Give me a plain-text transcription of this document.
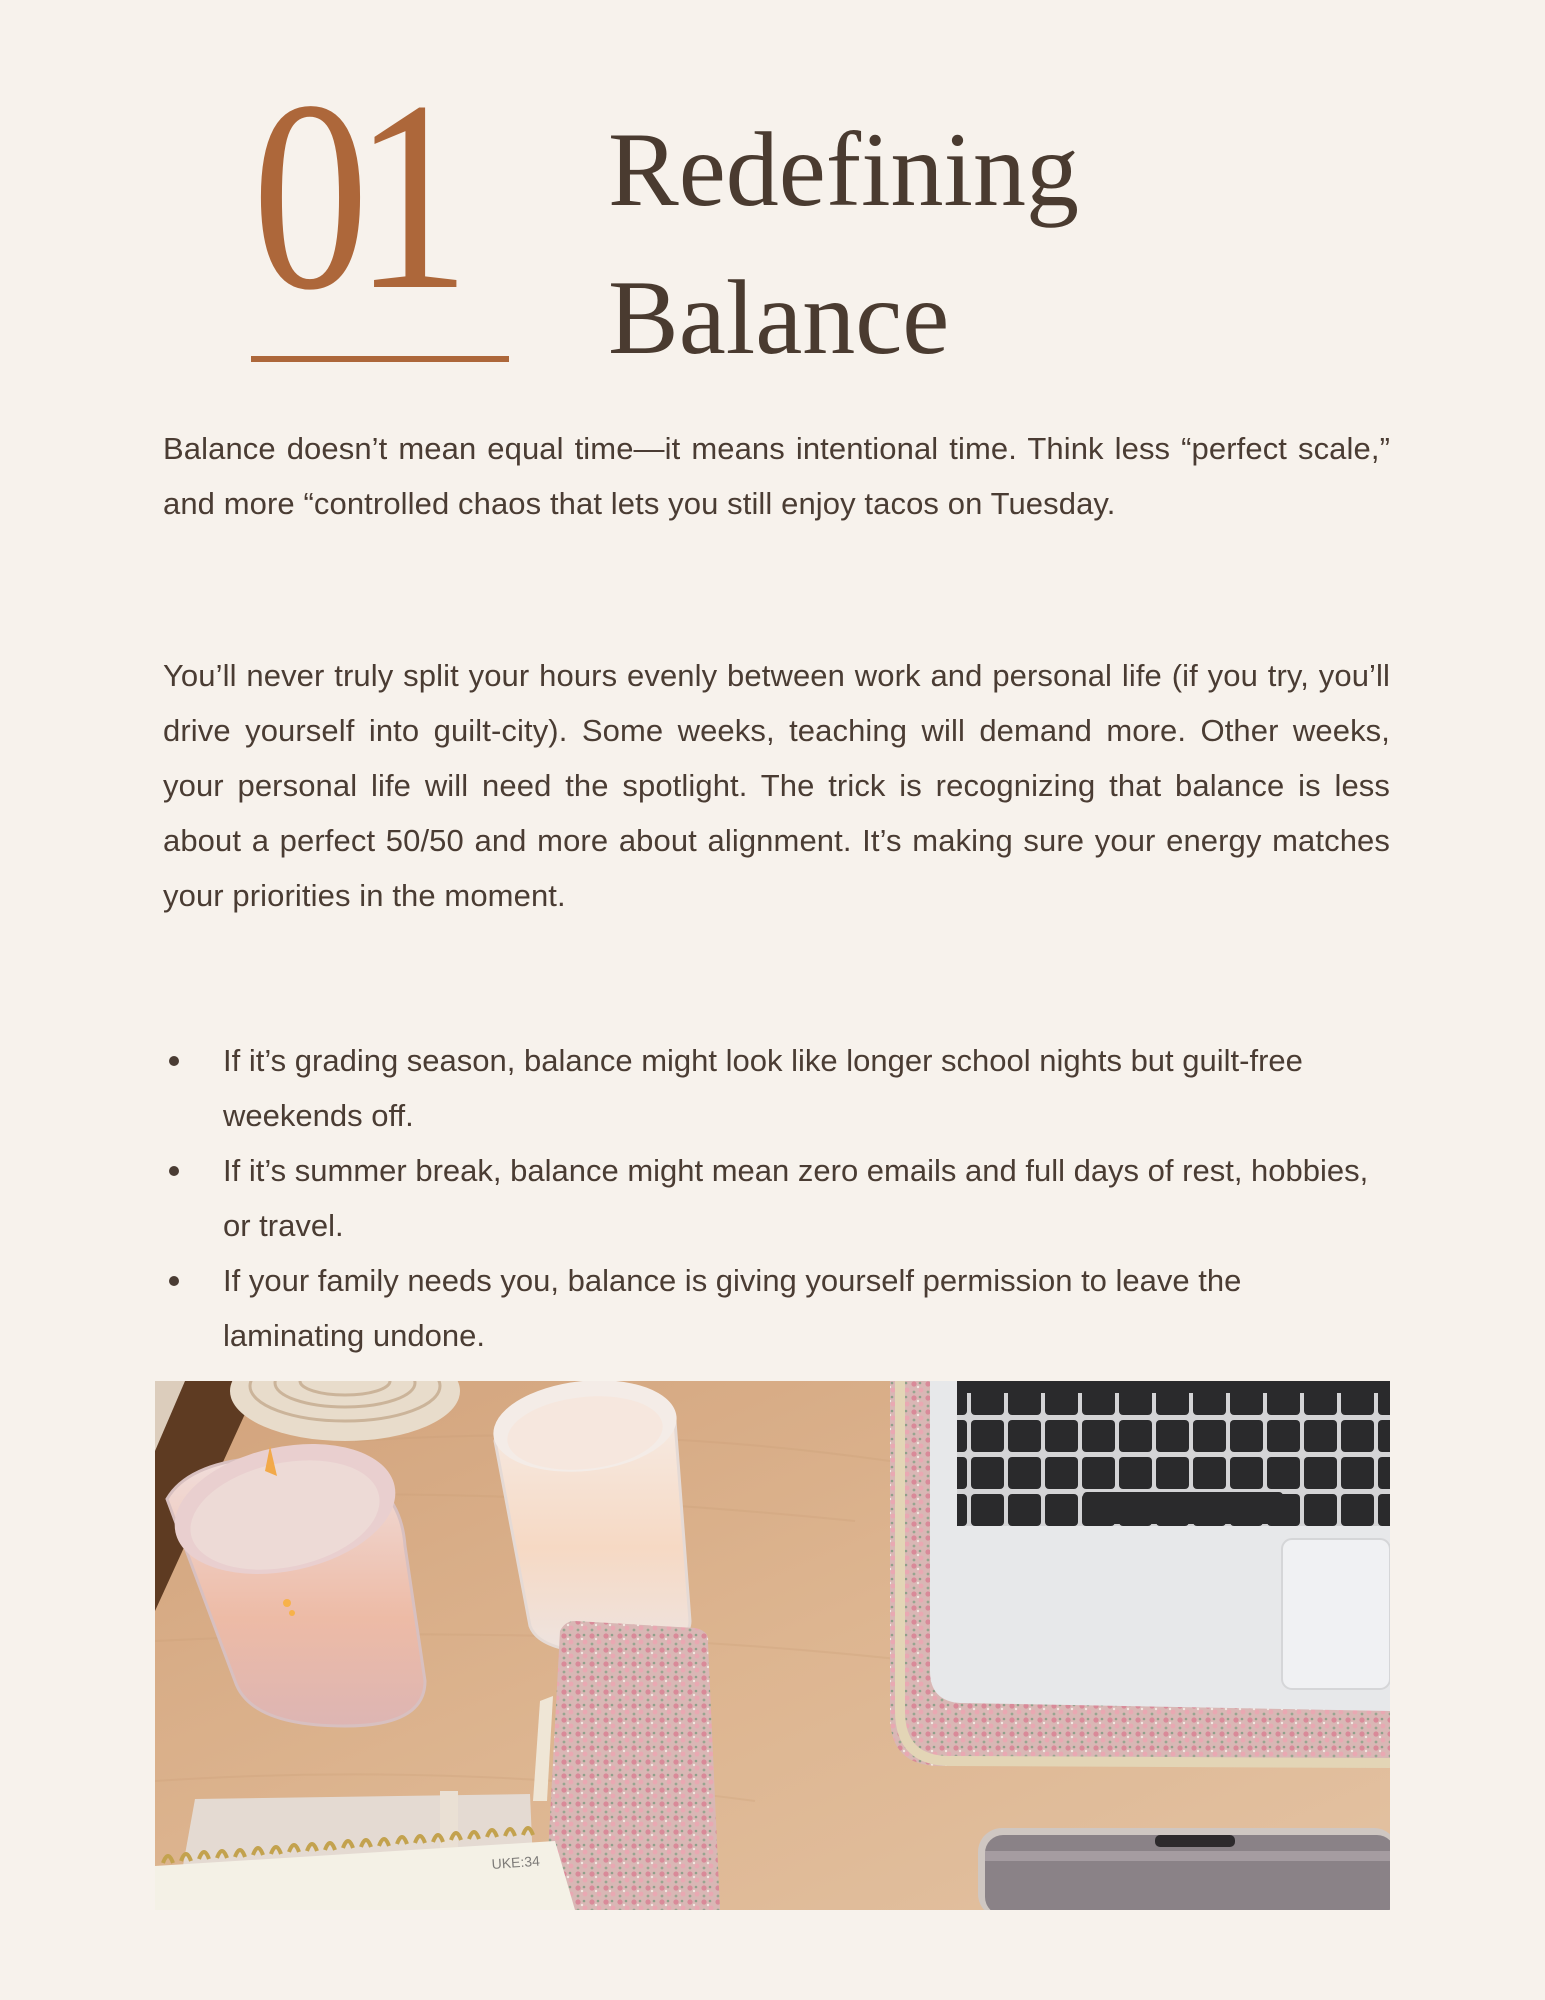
01 Redefining
Balance

Balance doesn’t mean equal time—it means intentional time. Think less “perfect scale,” and more “controlled chaos that lets you still enjoy tacos on Tuesday.

You’ll never truly split your hours evenly between work and personal life (if you try, you’ll drive yourself into guilt-city). Some weeks, teaching will demand more. Other weeks, your personal life will need the spotlight. The trick is recognizing that balance is less about a perfect 50/50 and more about alignment. It’s making sure your energy matches your priorities in the moment.

If it’s grading season, balance might look like longer school nights but guilt-free weekends off.
If it’s summer break, balance might mean zero emails and full days of rest, hobbies, or travel.
If your family needs you, balance is giving yourself permission to leave the laminating undone.
UKE:34
